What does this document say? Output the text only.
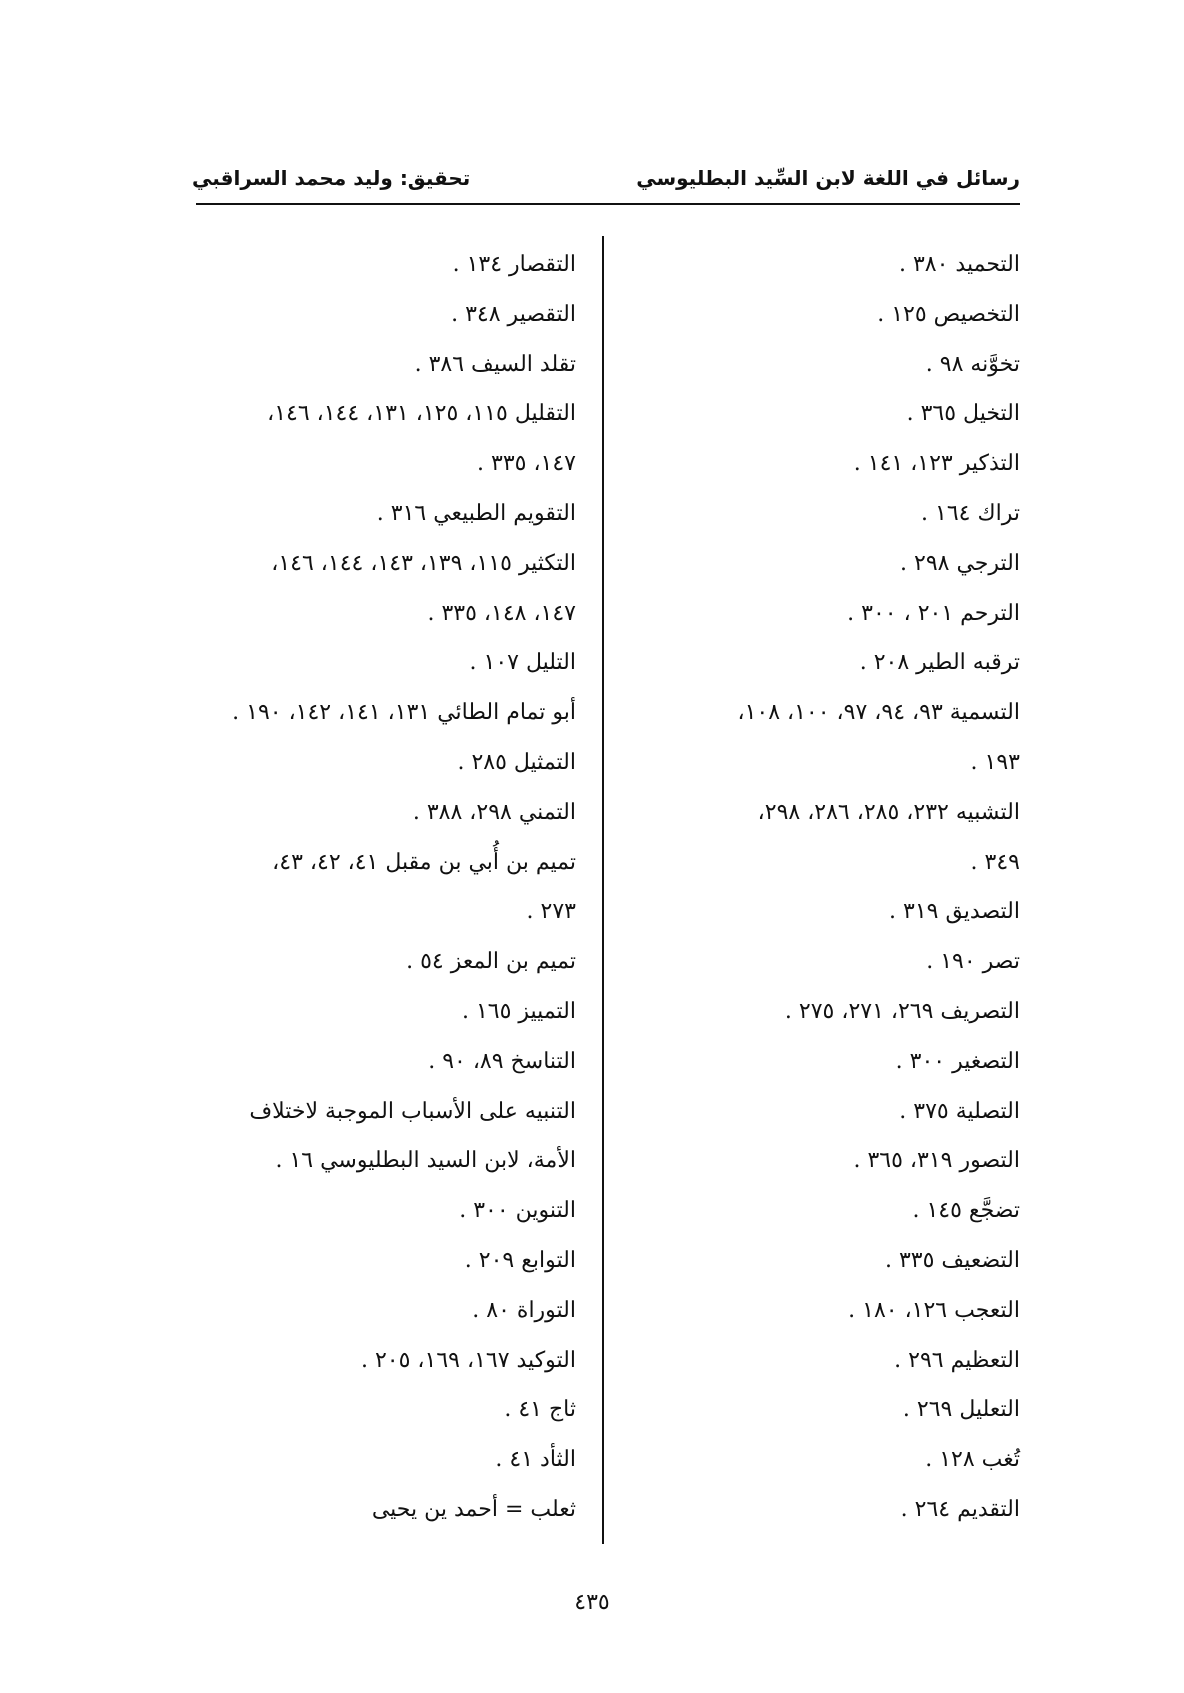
تحقيق: وليد محمد السراقبي	رسائل في اللغة لابن السِّيد البطليوسي
التحميد ٣٨٠ .
التخصيص ١٢٥ .
تخوَّنه ٩٨ .
التخيل ٣٦٥ .
التذكير ١٢٣، ١٤١ .
تراك ١٦٤ .
الترجي ٢٩٨ .
الترحم ٢٠١ ، ٣٠٠ .
ترقبه الطير ٢٠٨ .
التسمية ٩٣، ٩٤، ٩٧، ١٠٠، ١٠٨،
١٩٣ .
التشبيه ٢٣٢، ٢٨٥، ٢٨٦، ٢٩٨،
٣٤٩ .
التصديق ٣١٩ .
تصر ١٩٠ .
التصريف ٢٦٩، ٢٧١، ٢٧٥ .
التصغير ٣٠٠ .
التصلية ٣٧٥ .
التصور ٣١٩، ٣٦٥ .
تضجَّع ١٤٥ .
التضعيف ٣٣٥ .
التعجب ١٢٦، ١٨٠ .
التعظيم ٢٩٦ .
التعليل ٢٦٩ .
تُغب ١٢٨ .
التقديم ٢٦٤ .
التقصار ١٣٤ .
التقصير ٣٤٨ .
تقلد السيف ٣٨٦ .
التقليل ١١٥، ١٢٥، ١٣١، ١٤٤، ١٤٦،
١٤٧، ٣٣٥ .
التقويم الطبيعي ٣١٦ .
التكثير ١١٥، ١٣٩، ١٤٣، ١٤٤، ١٤٦،
١٤٧، ١٤٨، ٣٣٥ .
التليل ١٠٧ .
أبو تمام الطائي ١٣١، ١٤١، ١٤٢، ١٩٠ .
التمثيل ٢٨٥ .
التمني ٢٩٨، ٣٨٨ .
تميم بن أُبي بن مقبل ٤١، ٤٢، ٤٣،
٢٧٣ .
تميم بن المعز ٥٤ .
التمييز ١٦٥ .
التناسخ ٨٩، ٩٠ .
التنبيه على الأسباب الموجبة لاختلاف
الأمة، لابن السيد البطليوسي ١٦ .
التنوين ٣٠٠ .
التوابع ٢٠٩ .
التوراة ٨٠ .
التوكيد ١٦٧، ١٦٩، ٢٠٥ .
ثاج ٤١ .
الثأد ٤١ .
ثعلب = أحمد ين يحيى
٤٣٥
